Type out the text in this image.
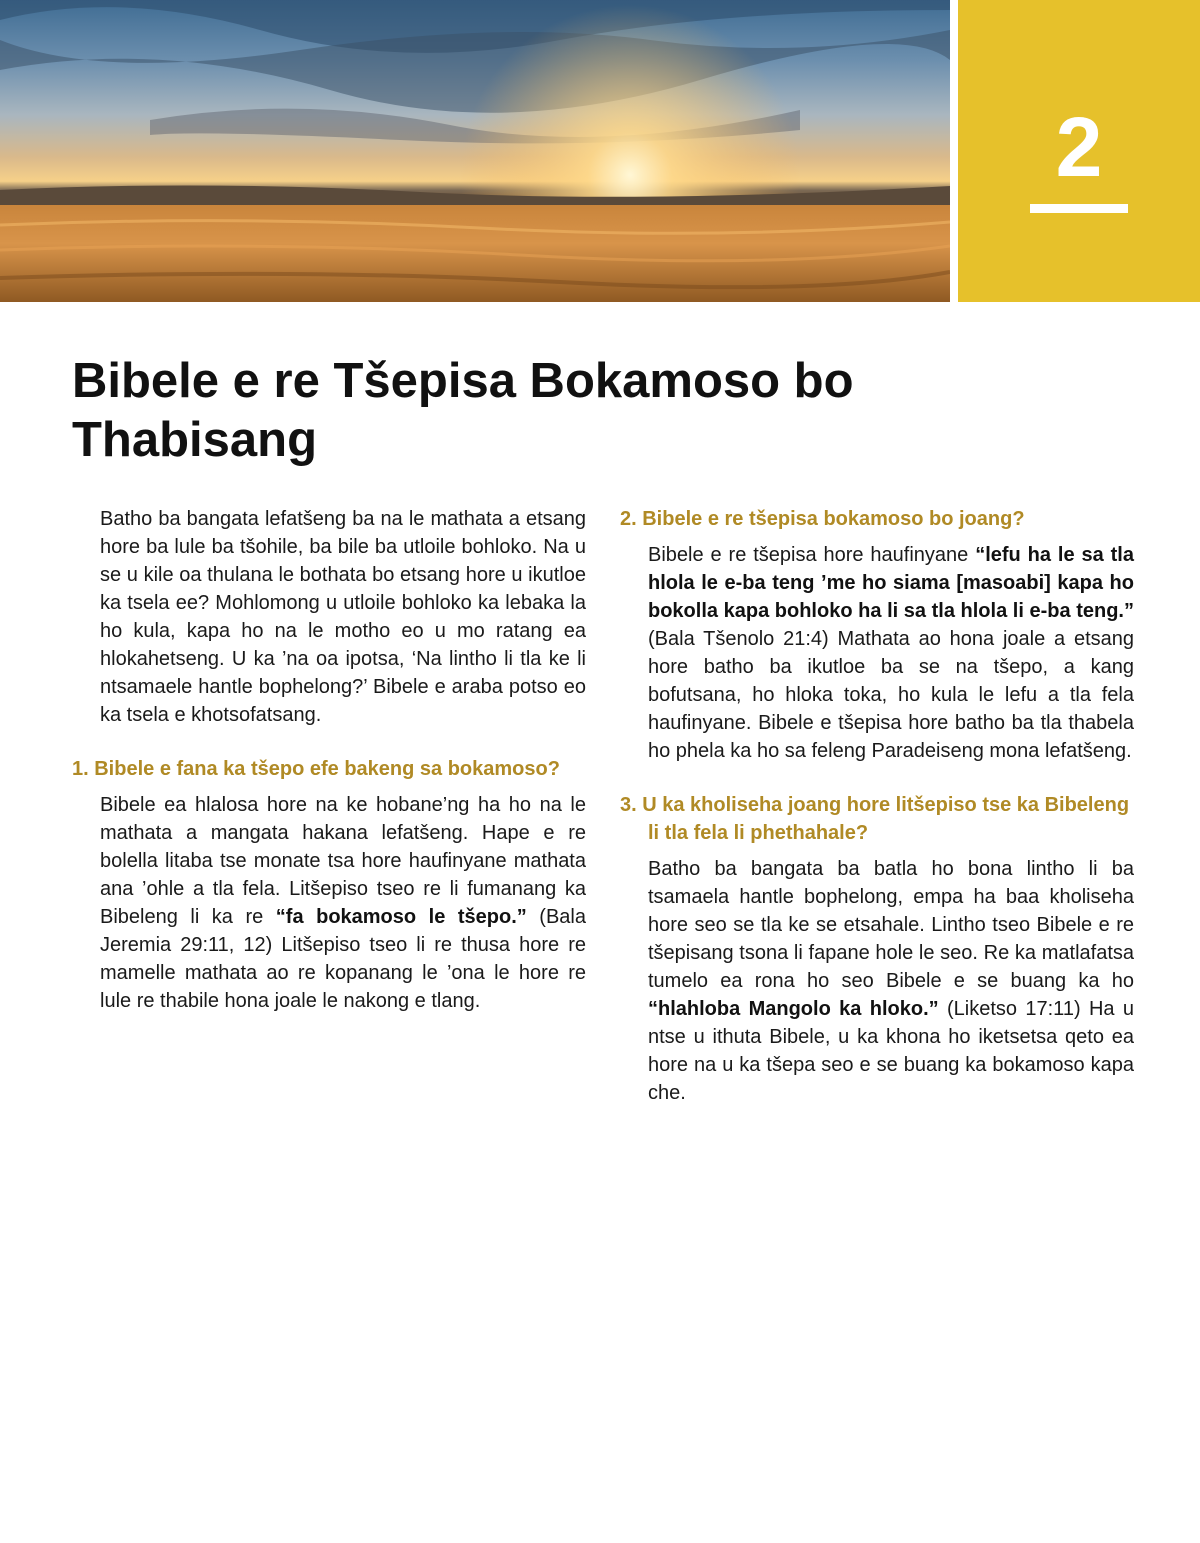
2
Bibele e re Tšepisa Bokamoso bo Thabisang

Batho ba bangata lefatšeng ba na le mathata a etsang hore ba lule ba tšohile, ba bile ba utloile bohloko. Na u se u kile oa thulana le bothata bo etsang hore u ikutloe ka tsela ee? Mohlomong u utloile bohloko ka lebaka la ho kula, kapa ho na le motho eo u mo ratang ea hlokahetseng. U ka ’na oa ipotsa, ‘Na lintho li tla ke li ntsamaele hantle bophelong?’ Bibele e araba potso eo ka tsela e khotsofatsang.

1. Bibele e fana ka tšepo efe bakeng sa bokamoso?

Bibele ea hlalosa hore na ke hobane’ng ha ho na le mathata a mangata hakana lefatšeng. Hape e re bolella litaba tse monate tsa hore haufinyane mathata ana ’ohle a tla fela. Litšepiso tseo re li fumanang ka Bibeleng li ka re “fa bokamoso le tšepo.” (Bala Jeremia 29:11, 12) Litšepiso tseo li re thusa hore re mamelle mathata ao re kopanang le ’ona le hore re lule re thabile hona joale le nakong e tlang.

2. Bibele e re tšepisa bokamoso bo joang?

Bibele e re tšepisa hore haufinyane “lefu ha le sa tla hlola le e-ba teng ’me ho siama [masoabi] kapa ho bokolla kapa bohloko ha li sa tla hlola li e-ba teng.” (Bala Tšenolo 21:4) Mathata ao hona joale a etsang hore batho ba ikutloe ba se na tšepo, a kang bofutsana, ho hloka toka, ho kula le lefu a tla fela haufinyane. Bibele e tšepisa hore batho ba tla thabela ho phela ka ho sa feleng Paradeiseng mona lefatšeng.

3. U ka kholiseha joang hore litšepiso tse ka Bibeleng li tla fela li phethahale?

Batho ba bangata ba batla ho bona lintho li ba tsamaela hantle bophelong, empa ha baa kholiseha hore seo se tla ke se etsahale. Lintho tseo Bibele e re tšepisang tsona li fapane hole le seo. Re ka matlafatsa tumelo ea rona ho seo Bibele e se buang ka ho “hlahloba Mangolo ka hloko.” (Liketso 17:11) Ha u ntse u ithuta Bibele, u ka khona ho iketsetsa qeto ea hore na u ka tšepa seo e se buang ka bokamoso kapa che.
